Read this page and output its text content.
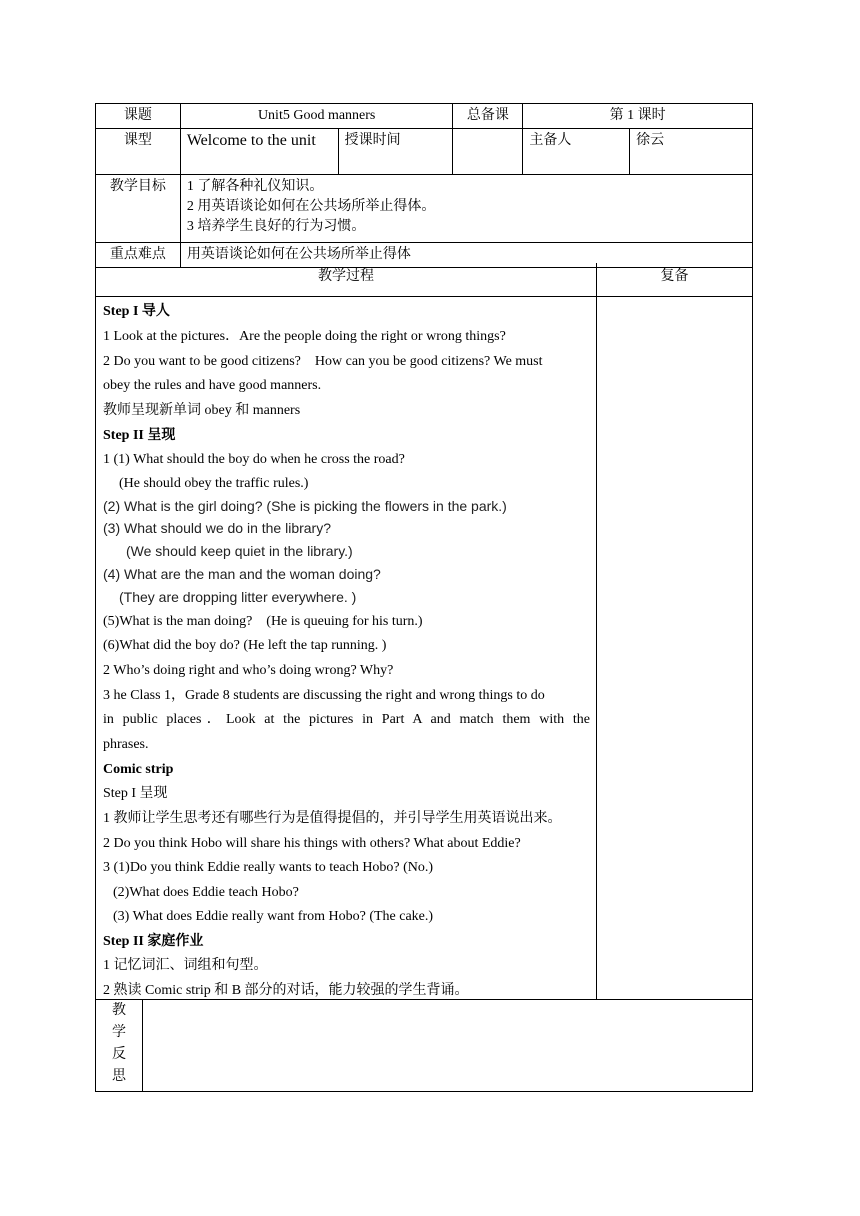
课题	Unit5 Good manners		总备课	第 1 课时	
课型	Welcome to the unit	授课时间		主备人	徐云
教学目标	1 了解各种礼仪知识。
2 用英语谈论如何在公共场所举止得体。
3 培养学生良好的行为习惯。				

重点难点	用英语谈论如何在公共场所举止得体				
教学过程	复备
Step I 导人
1 Look at the pictures．Are the people doing the right or wrong things?
2 Do you want to be good citizens?　How can you be good citizens? We must
obey the rules and have good manners.
教师呈现新单词 obey 和 manners
Step II 呈现
1 (1) What should the boy do when he cross the road?
(He should obey the traffic rules.)
(2) What is the girl doing? (She is picking the flowers in the park.)
(3) What should we do in the library?
(We should keep quiet in the library.)
(4) What are the man and the woman doing?
(They are dropping litter everywhere. )
(5)What is the man doing?　(He is queuing for his turn.)
(6)What did the boy do? (He left the tap running. )
2 Who’s doing right and who’s doing wrong? Why?
3 he Class 1，Grade 8 students are discussing the right and wrong things to do
in public places．Look at the pictures in Part A and match them with the
phrases.
Comic strip
Step I 呈现
1 教师让学生思考还有哪些行为是值得提倡的，并引导学生用英语说出来。
2 Do you think Hobo will share his things with others? What about Eddie?
3 (1)Do you think Eddie really wants to teach Hobo? (No.)
(2)What does Eddie teach Hobo?
(3) What does Eddie really want from Hobo? (The cake.)
Step II 家庭作业
1 记忆词汇、词组和句型。
2 熟读 Comic strip 和 B 部分的对话，能力较强的学生背诵。
教
学
反
思
